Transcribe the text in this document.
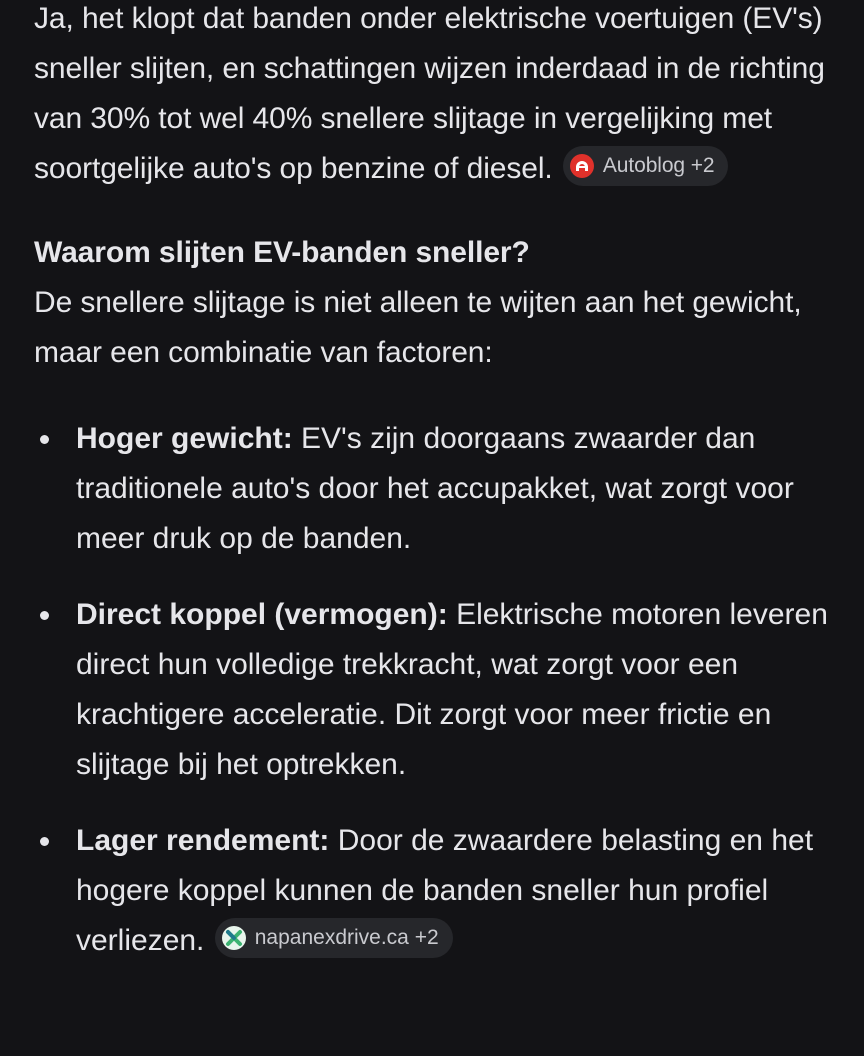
Ja, het klopt dat banden onder elektrische voertuigen (EV's) sneller slijten, en schattingen wijzen inderdaad in de richting van 30% tot wel 40% snellere slijtage in vergelijking met soortgelijke auto's op benzine of diesel. Autoblog +2

Waarom slijten EV-banden sneller?

De snellere slijtage is niet alleen te wijten aan het gewicht, maar een combinatie van factoren:

Hoger gewicht: EV's zijn doorgaans zwaarder dan traditionele auto's door het accupakket, wat zorgt voor meer druk op de banden.
Direct koppel (vermogen): Elektrische motoren leveren direct hun volledige trekkracht, wat zorgt voor een krachtigere acceleratie. Dit zorgt voor meer frictie en slijtage bij het optrekken.
Lager rendement: Door de zwaardere belasting en het hogere koppel kunnen de banden sneller hun profiel verliezen. napanexdrive.ca +2
